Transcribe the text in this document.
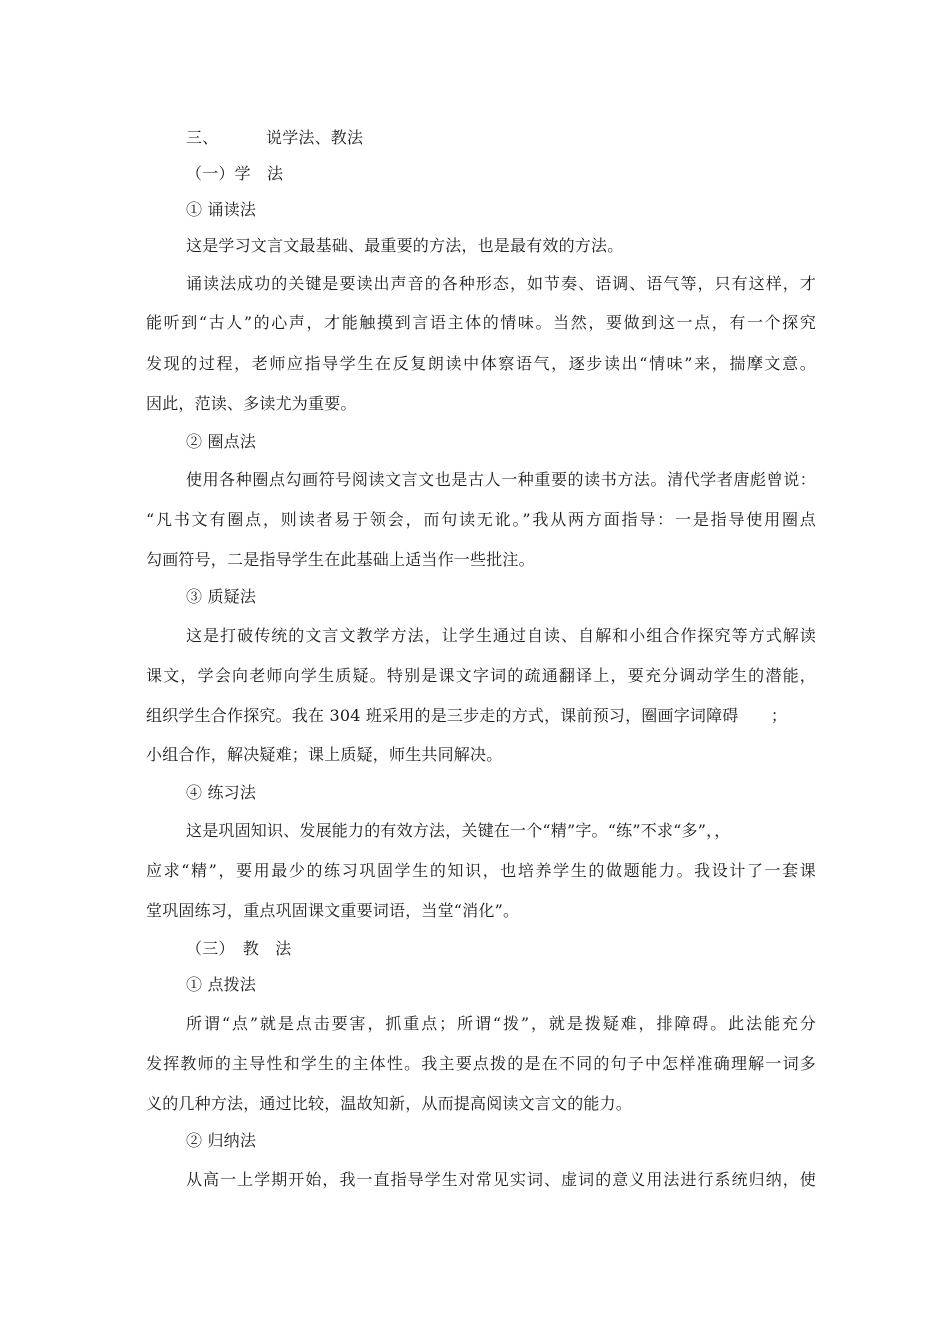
三、	说学法、教法
（一）学　法
① 诵读法
这是学习文言文最基础、最重要的方法，也是最有效的方法。
诵读法成功的关键是要读出声音的各种形态，如节奏、语调、语气等，只有这样，才
能听到“古人”的心声，才能触摸到言语主体的情味。当然，要做到这一点，有一个探究
发现的过程，老师应指导学生在反复朗读中体察语气，逐步读出“情味”来，揣摩文意。
因此，范读、多读尤为重要。
② 圈点法
使用各种圈点勾画符号阅读文言文也是古人一种重要的读书方法。清代学者唐彪曾说：
“凡书文有圈点，则读者易于领会，而句读无讹。”我从两方面指导：一是指导使用圈点
勾画符号，二是指导学生在此基础上适当作一些批注。
③ 质疑法
这是打破传统的文言文教学方法，让学生通过自读、自解和小组合作探究等方式解读
课文，学会向老师向学生质疑。特别是课文字词的疏通翻译上，要充分调动学生的潜能，
组织学生合作探究。我在 304 班采用的是三步走的方式，课前预习，圈画字词障碍　　；
小组合作，解决疑难；课上质疑，师生共同解决。
④ 练习法
这是巩固知识、发展能力的有效方法，关键在一个“精”字。“练”不求“多”，，
应求“精”，要用最少的练习巩固学生的知识，也培养学生的做题能力。我设计了一套课
堂巩固练习，重点巩固课文重要词语，当堂“消化”。
（三）　教　法
① 点拨法
所谓“点”就是点击要害，抓重点；所谓“拨”，就是拨疑难，排障碍。此法能充分
发挥教师的主导性和学生的主体性。我主要点拨的是在不同的句子中怎样准确理解一词多
义的几种方法，通过比较，温故知新，从而提高阅读文言文的能力。
② 归纳法
从高一上学期开始，我一直指导学生对常见实词、虚词的意义用法进行系统归纳，使
